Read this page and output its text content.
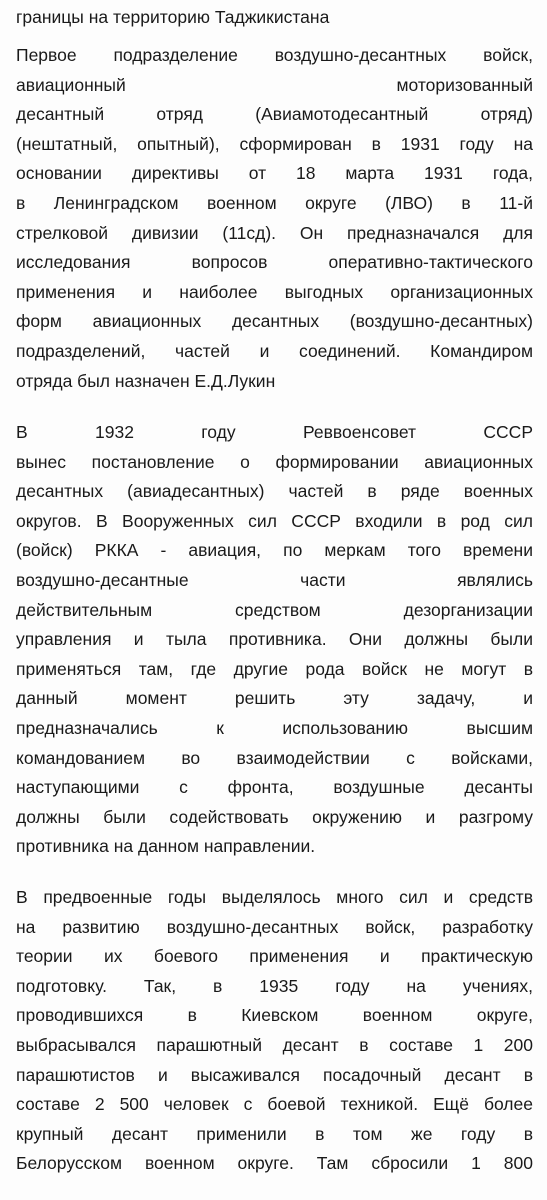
границы на территорию Таджикистана
Первое подразделение воздушно-десантных войск,
авиационный моторизованный
десантный отряд (Авиамотодесантный отряд)
(нештатный, опытный), сформирован в 1931 году на
основании директивы от 18 марта 1931 года,
в Ленинградском военном округе (ЛВО) в 11-й
стрелковой дивизии (11сд). Он предназначался для
исследования вопросов оперативно-тактического
применения и наиболее выгодных организационных
форм авиационных десантных (воздушно-десантных)
подразделений, частей и соединений. Командиром
отряда был назначен Е.Д.Лукин
В 1932 году Реввоенсовет СССР
вынес постановление о формировании авиационных
десантных (авиадесантных) частей в ряде военных
округов. В Вооруженных сил СССР входили в род сил
(войск) РККА - авиация, по меркам того времени
воздушно-десантные части являлись
действительным средством дезорганизации
управления и тыла противника. Они должны были
применяться там, где другие рода войск не могут в
данный момент решить эту задачу, и
предназначались к использованию высшим
командованием во взаимодействии с войсками,
наступающими с фронта, воздушные десанты
должны были содействовать окружению и разгрому
противника на данном направлении.
В предвоенные годы выделялось много сил и средств
на развитию воздушно-десантных войск, разработку
теории их боевого применения и практическую
подготовку. Так, в 1935 году на учениях,
проводившихся в Киевском военном округе,
выбрасывался парашютный десант в составе 1 200
парашютистов и высаживался посадочный десант в
составе 2 500 человек с боевой техникой. Ещё более
крупный десант применили в том же году в
Белорусском военном округе. Там сбросили 1 800
